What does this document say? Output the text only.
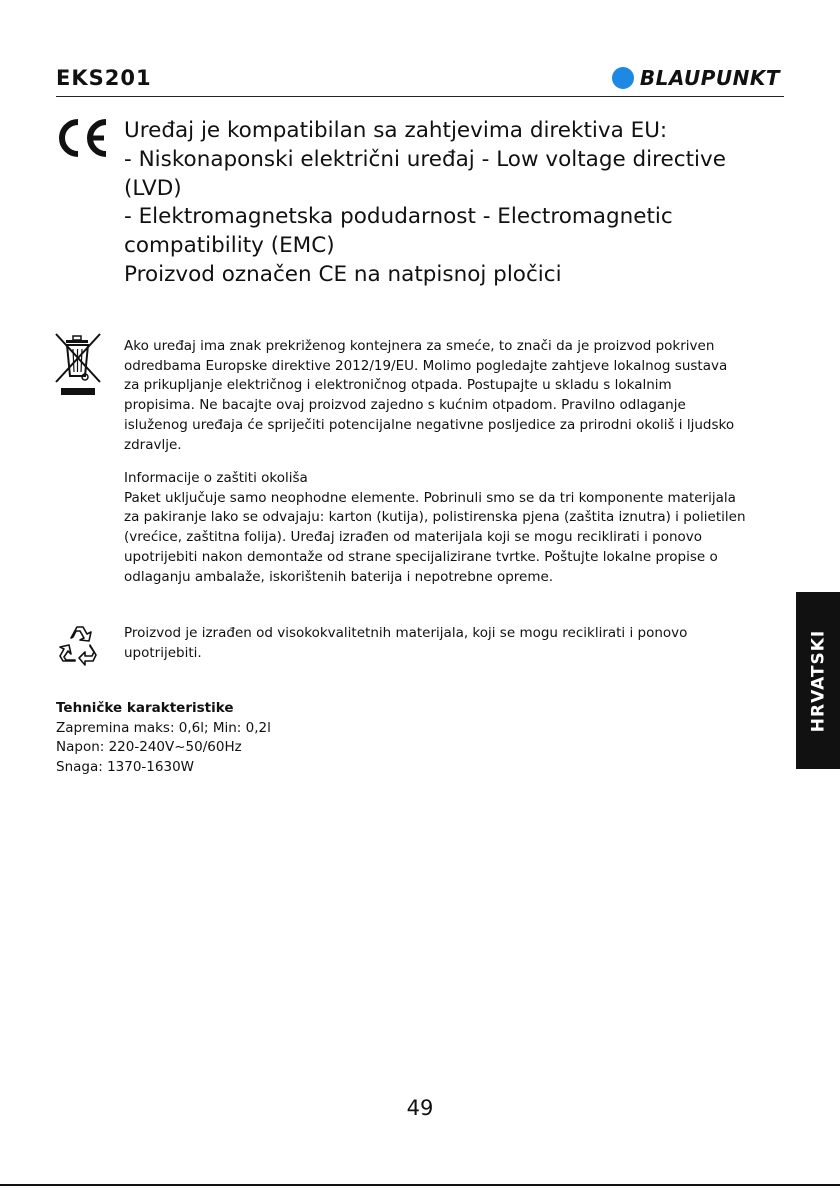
EKS201	BLAUPUNKT
Uređaj je kompatibilan sa zahtjevima direktiva EU:
- Niskonaponski električni uređaj - Low voltage directive
(LVD)
- Elektromagnetska podudarnost - Electromagnetic
compatibility (EMC)
Proizvod označen CE na natpisnoj pločici
Ako uređaj ima znak prekriženog kontejnera za smeće, to znači da je proizvod pokriven
odredbama Europske direktive 2012/19/EU. Molimo pogledajte zahtjeve lokalnog sustava
za prikupljanje električnog i elektroničnog otpada. Postupajte u skladu s lokalnim
propisima. Ne bacajte ovaj proizvod zajedno s kućnim otpadom. Pravilno odlaganje
isluženog uređaja će spriječiti potencijalne negativne posljedice za prirodni okoliš i ljudsko
zdravlje.
Informacije o zaštiti okoliša
Paket uključuje samo neophodne elemente. Pobrinuli smo se da tri komponente materijala
za pakiranje lako se odvajaju: karton (kutija), polistirenska pjena (zaštita iznutra) i polietilen
(vrećice, zaštitna folija). Uređaj izrađen od materijala koji se mogu reciklirati i ponovo
upotrijebiti nakon demontaže od strane specijalizirane tvrtke. Poštujte lokalne propise o
odlaganju ambalaže, iskorištenih baterija i nepotrebne opreme.
Proizvod je izrađen od visokokvalitetnih materijala, koji se mogu reciklirati i ponovo
upotrijebiti.
Tehničke karakteristike
Zapremina maks: 0,6l; Min: 0,2l
Napon: 220-240V~50/60Hz
Snaga: 1370-1630W
HRVATSKI
49
